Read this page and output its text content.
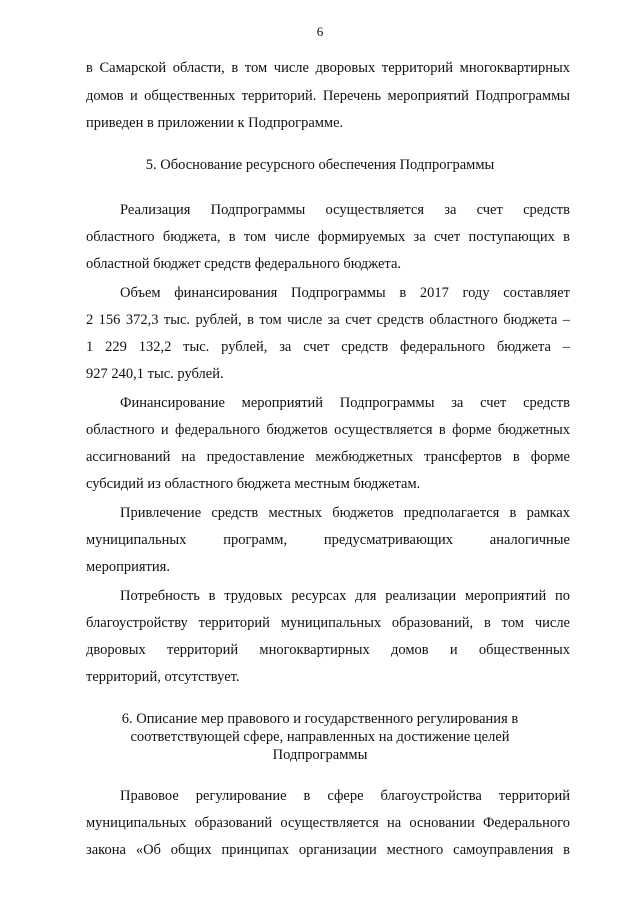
6
в Самарской области, в том числе дворовых территорий многоквартирных
домов и общественных территорий. Перечень мероприятий Подпрограммы
приведен в приложении к Подпрограмме.
5. Обоснование ресурсного обеспечения Подпрограммы
Реализация Подпрограммы осуществляется за счет средств
областного бюджета, в том числе формируемых за счет поступающих в
областной бюджет средств федерального бюджета.
Объем финансирования Подпрограммы в 2017 году составляет
2 156 372,3 тыс. рублей, в том числе за счет средств областного бюджета –
1 229 132,2 тыс. рублей, за счет средств федерального бюджета –
927 240,1 тыс. рублей.
Финансирование мероприятий Подпрограммы за счет средств
областного и федерального бюджетов осуществляется в форме бюджетных
ассигнований на предоставление межбюджетных трансфертов в форме
субсидий из областного бюджета местным бюджетам.
Привлечение средств местных бюджетов предполагается в рамках
муниципальных программ, предусматривающих аналогичные
мероприятия.
Потребность в трудовых ресурсах для реализации мероприятий по
благоустройству территорий муниципальных образований, в том числе
дворовых территорий многоквартирных домов и общественных
территорий, отсутствует.
6. Описание мер правового и государственного регулирования в
соответствующей сфере, направленных на достижение целей
Подпрограммы
Правовое регулирование в сфере благоустройства территорий
муниципальных образований осуществляется на основании Федерального
закона «Об общих принципах организации местного самоуправления в
